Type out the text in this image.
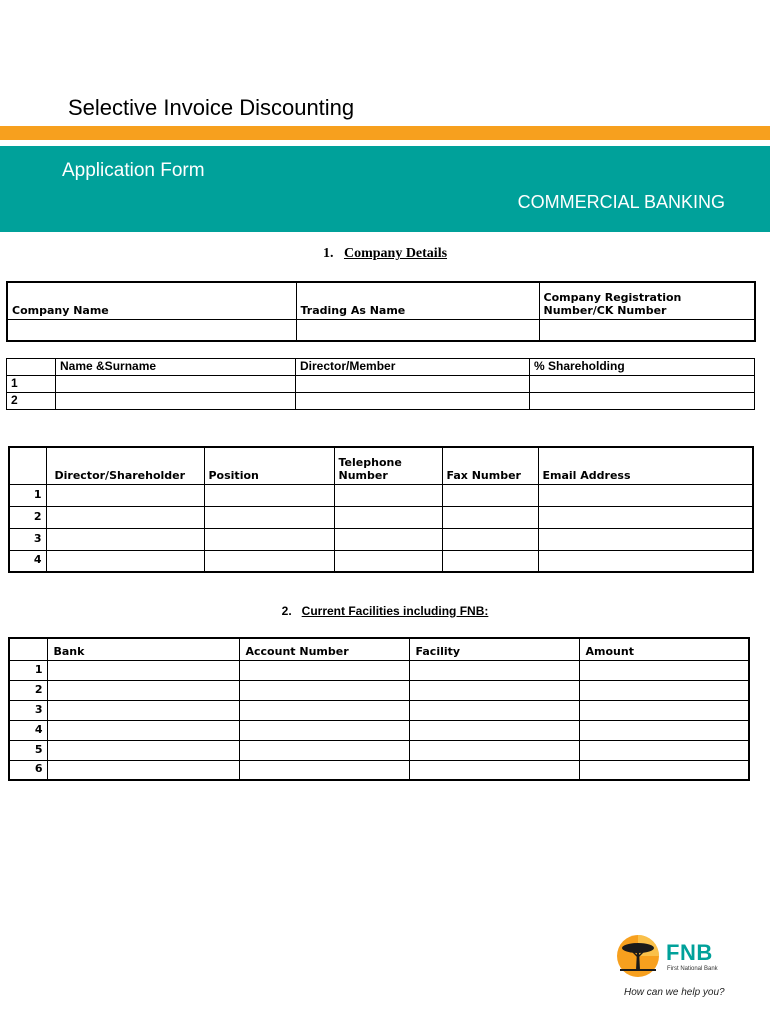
Selective Invoice Discounting
Application Form
COMMERCIAL BANKING
1. Company Details
Company Name	Trading As Name	Company Registration Number/CK Number

	Name &Surname	Director/Member	% Shareholding
1			
2			
	Director/Shareholder	Position	Telephone Number	Fax Number	Email Address
1					
2					
3					
4					
2. Current Facilities including FNB:
	Bank	Account Number	Facility	Amount
1				
2				
3				
4				
5				
6				
FNB
First National Bank
How can we help you?
